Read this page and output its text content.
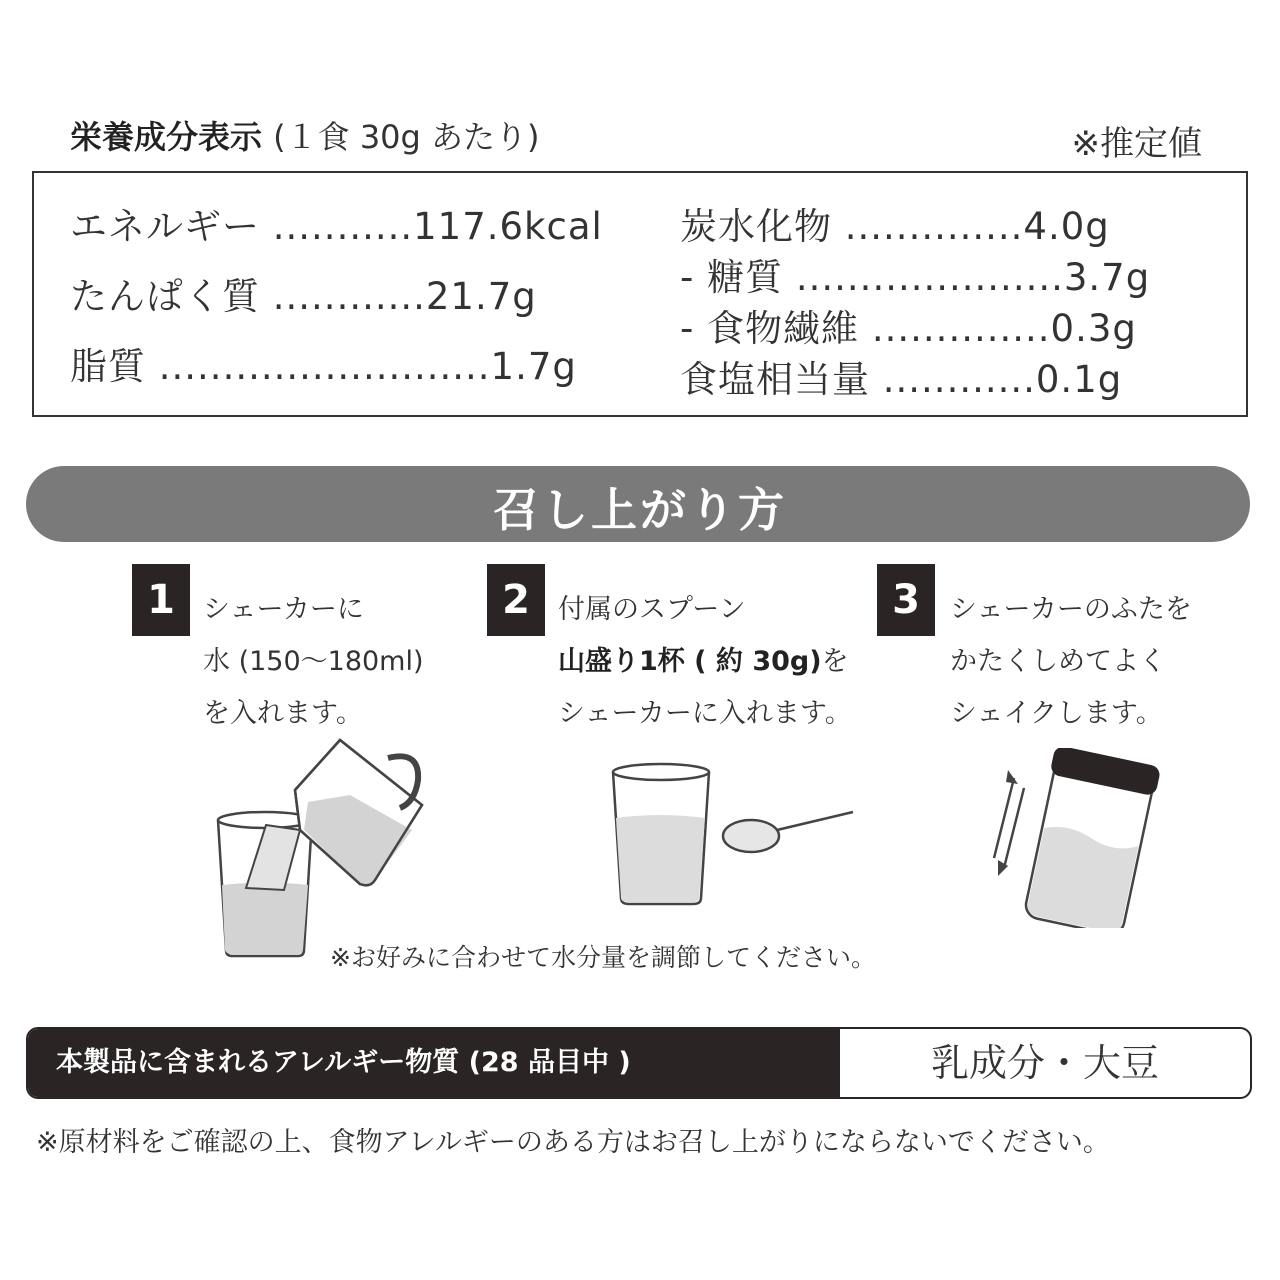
栄養成分表示 (１食 30g あたり)	※推定値
エネルギー ...........117.6kcal
たんぱく質 ............21.7g
脂質 ..........................1.7g
炭水化物 ..............4.0g
- 糖質 .....................3.7g
- 食物繊維 ..............0.3g
食塩相当量 ............0.1g
召し上がり方
1	シェーカーに
水 (150〜180ml)
を入れます。
2	付属のスプーン
山盛り1杯 ( 約 30g)を
シェーカーに入れます。
3	シェーカーのふたを
かたくしめてよく
シェイクします。
※お好みに合わせて水分量を調節してください。
本製品に含まれるアレルギー物質 (28 品目中 )	乳成分・大豆
※原材料をご確認の上、食物アレルギーのある方はお召し上がりにならないでください。
